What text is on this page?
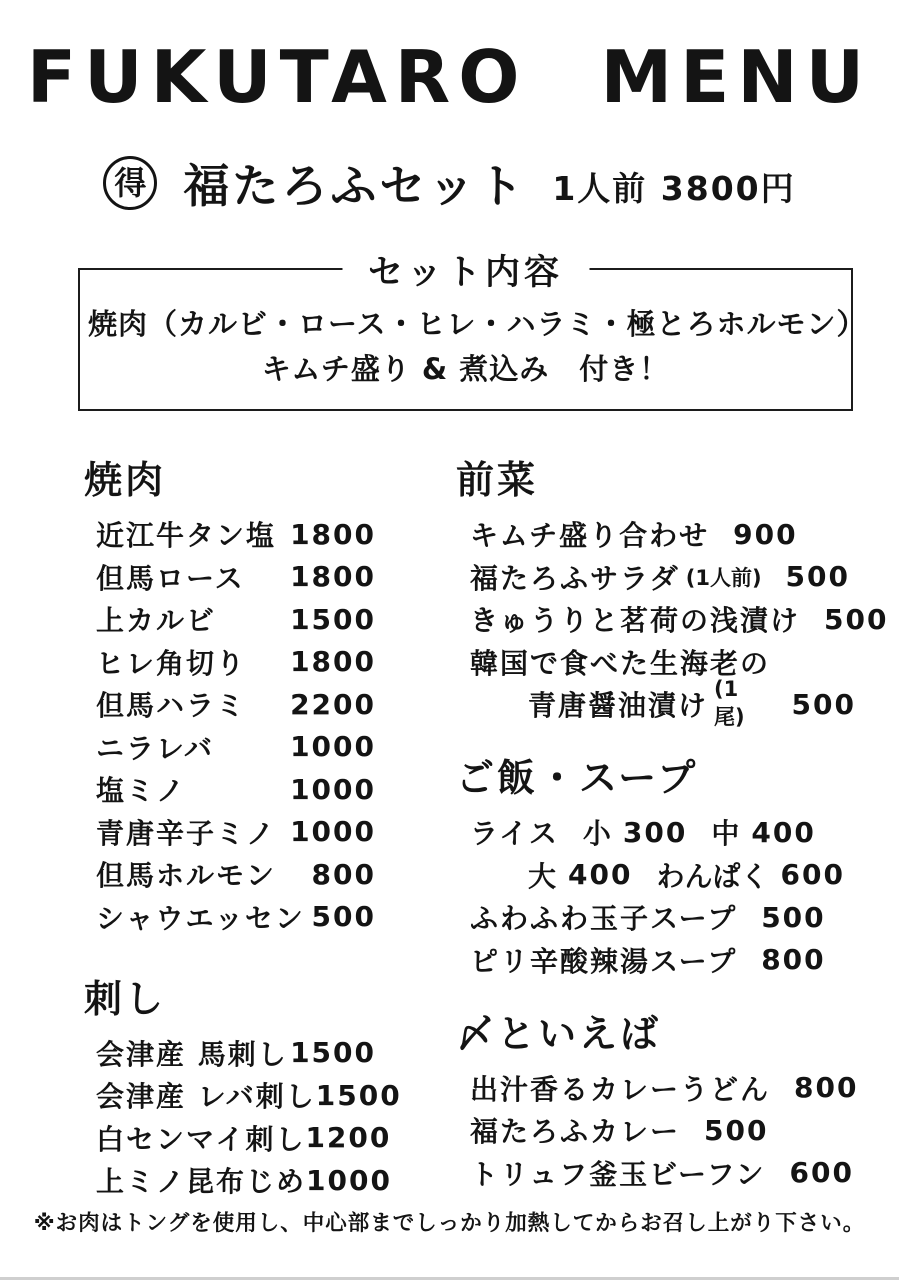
FUKUTARO MENU
得 福たろふセット 1人前 3800円
セット内容
焼肉（カルビ・ロース・ヒレ・ハラミ・極とろホルモン）
キムチ盛り & 煮込み　付き！
焼肉
近江牛タン塩 1800
但馬ロース 1800
上カルビ	1500
ヒレ角切り 1800
但馬ハラミ 2200
ニラレバ	1000
塩ミノ	1000
青唐辛子ミノ 1000
但馬ホルモン 800
シャウエッセン 500
刺し
会津産 馬刺し 1500
会津産 レバ刺し 1500
白センマイ刺し 1200
上ミノ昆布じめ 1000
前菜
キムチ盛り合わせ 900
福たろふサラダ (1人前) 500
きゅうりと茗荷の浅漬け 500
韓国で食べた生海老の
青唐醤油漬け (1尾)	500
ご飯・スープ
ライス 小 300 中 400
大 400 わんぱく 600
ふわふわ玉子スープ 500
ピリ辛酸辣湯スープ 800
〆といえば
出汁香るカレーうどん 800
福たろふカレー 500
トリュフ釜玉ビーフン 600
※お肉はトングを使用し、中心部までしっかり加熱してからお召し上がり下さい。
